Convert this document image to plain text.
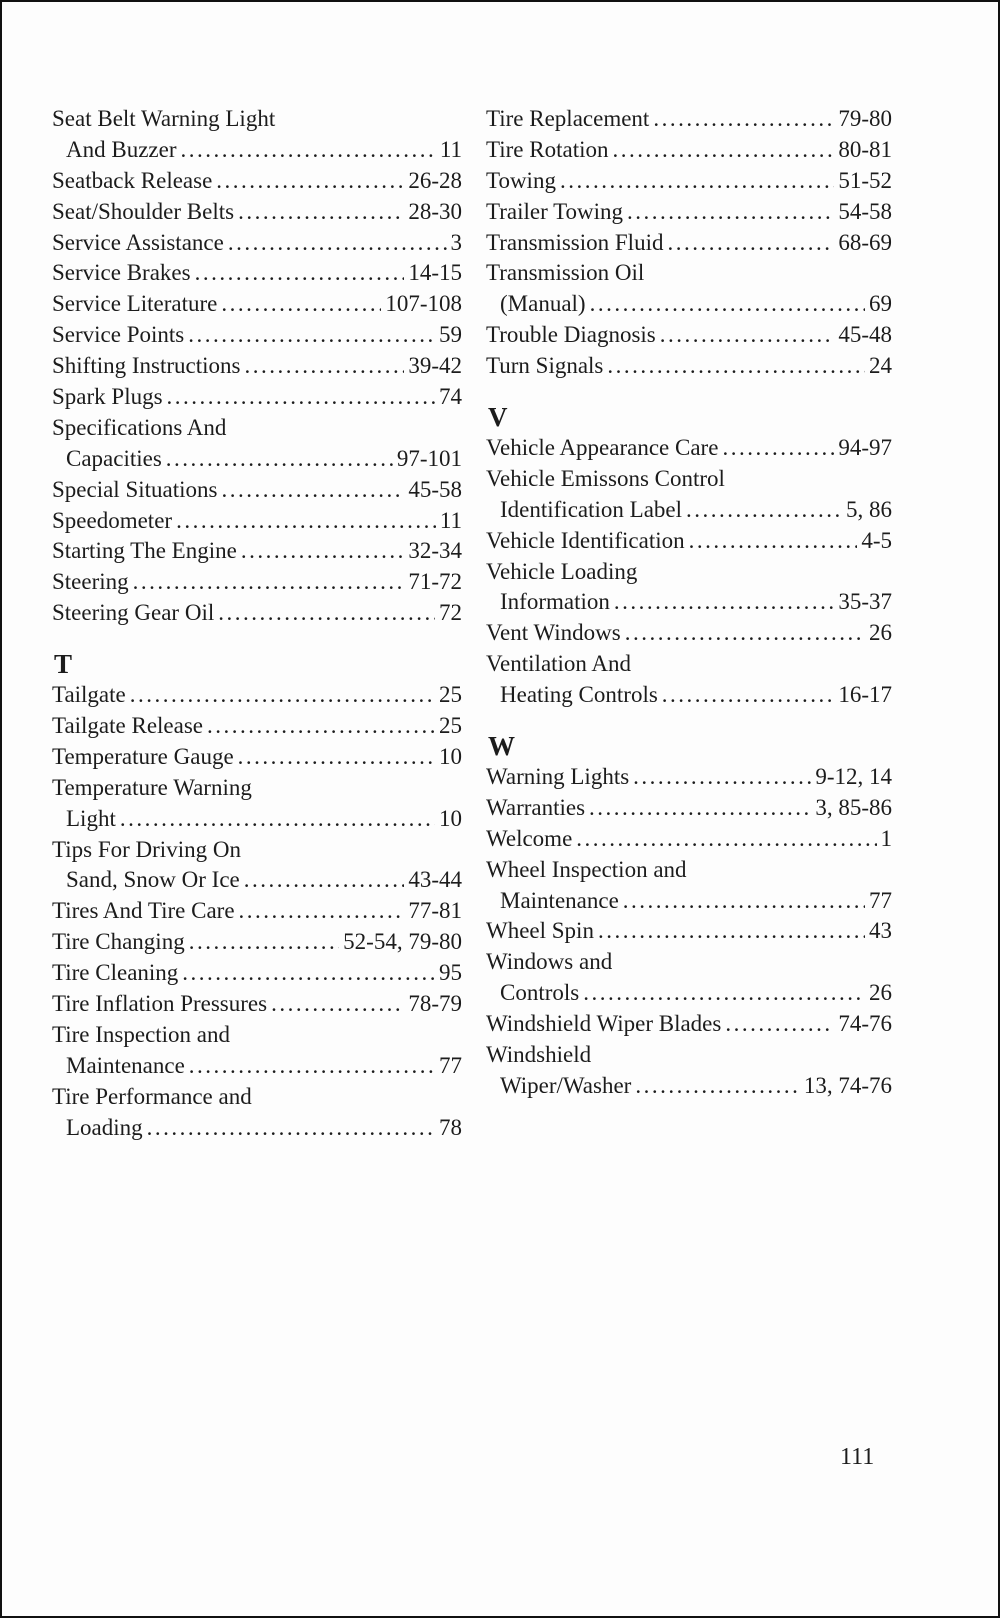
Seat Belt Warning Light
And Buzzer .....	11
Seatback Release .....	26-28
Seat/Shoulder Belts .....	28-30
Service Assistance .....	3
Service Brakes .....	14-15
Service Literature .....	107-108
Service Points .....	59
Shifting Instructions .....	39-42
Spark Plugs .....	74
Specifications And
Capacities .....	97-101
Special Situations .....	45-58
Speedometer .....	11
Starting The Engine .....	32-34
Steering .....	71-72
Steering Gear Oil .....	72
T
Tailgate .....	25
Tailgate Release .....	25
Temperature Gauge .....	10
Temperature Warning
Light .....	10
Tips For Driving On
Sand, Snow Or Ice .....	43-44
Tires And Tire Care .....	77-81
Tire Changing .....	52-54, 79-80
Tire Cleaning .....	95
Tire Inflation Pressures .....	78-79
Tire Inspection and
Maintenance .....	77
Tire Performance and
Loading .....	78
Tire Replacement .....	79-80
Tire Rotation .....	80-81
Towing .....	51-52
Trailer Towing .....	54-58
Transmission Fluid .....	68-69
Transmission Oil
(Manual) .....	69
Trouble Diagnosis .....	45-48
Turn Signals .....	24
V
Vehicle Appearance Care .....	94-97
Vehicle Emissons Control
Identification Label .....	5, 86
Vehicle Identification .....	4-5
Vehicle Loading
Information .....	35-37
Vent Windows .....	26
Ventilation And
Heating Controls .....	16-17
W
Warning Lights .....	9-12, 14
Warranties .....	3, 85-86
Welcome .....	1
Wheel Inspection and
Maintenance .....	77
Wheel Spin .....	43
Windows and
Controls .....	26
Windshield Wiper Blades .....	74-76
Windshield
Wiper/Washer .....	13, 74-76
111
